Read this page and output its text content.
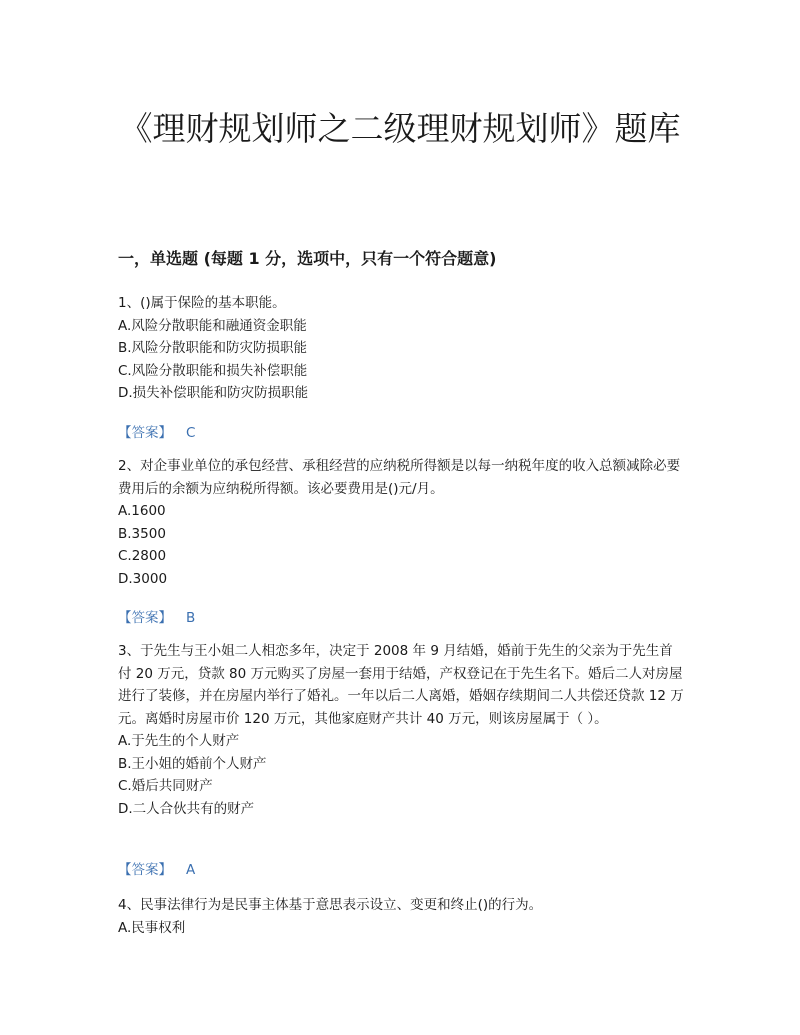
《理财规划师之二级理财规划师》题库
一，单选题 (每题 1 分，选项中，只有一个符合题意)

1、()属于保险的基本职能。

A.风险分散职能和融通资金职能

B.风险分散职能和防灾防损职能

C.风险分散职能和损失补偿职能

D.损失补偿职能和防灾防损职能

【答案】 C

2、对企事业单位的承包经营、承租经营的应纳税所得额是以每一纳税年度的收入总额减除必要费用后的余额为应纳税所得额。该必要费用是()元/月。

A.1600

B.3500

C.2800

D.3000

【答案】 B

3、于先生与王小姐二人相恋多年，决定于 2008 年 9 月结婚，婚前于先生的父亲为于先生首付 20 万元，贷款 80 万元购买了房屋一套用于结婚，产权登记在于先生名下。婚后二人对房屋进行了装修，并在房屋内举行了婚礼。一年以后二人离婚，婚姻存续期间二人共偿还贷款 12 万元。离婚时房屋市价 120 万元，其他家庭财产共计 40 万元，则该房屋属于（ ）。

A.于先生的个人财产

B.王小姐的婚前个人财产

C.婚后共同财产

D.二人合伙共有的财产

【答案】 A

4、民事法律行为是民事主体基于意思表示设立、变更和终止()的行为。

A.民事权利
